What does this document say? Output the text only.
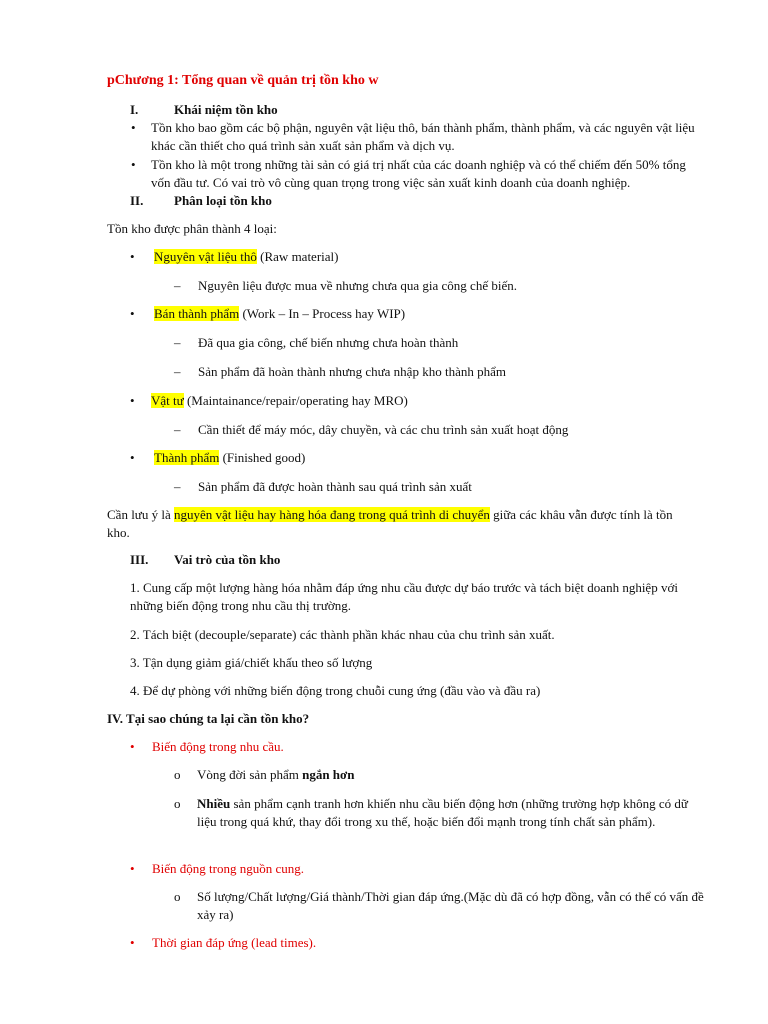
pChương 1: Tổng quan về quản trị tồn kho w
I.	Khái niệm tồn kho
• Tồn kho bao gồm các bộ phận, nguyên vật liệu thô, bán thành phẩm, thành phẩm, và các nguyên vật liệu khác cần thiết cho quá trình sản xuất sản phẩm và dịch vụ.
• Tồn kho là một trong những tài sản có giá trị nhất của các doanh nghiệp và có thể chiếm đến 50% tổng vốn đầu tư. Có vai trò vô cùng quan trọng trong việc sản xuất kinh doanh của doanh nghiệp.
II. Phân loại tồn kho
Tồn kho được phân thành 4 loại:
• Nguyên vật liệu thô (Raw material)
– Nguyên liệu được mua về nhưng chưa qua gia công chế biến.
• Bán thành phẩm (Work – In – Process hay WIP)
– Đã qua gia công, chế biến nhưng chưa hoàn thành
– Sản phẩm đã hoàn thành nhưng chưa nhập kho thành phẩm
• Vật tư (Maintainance/repair/operating hay MRO)
– Cần thiết để máy móc, dây chuyền, và các chu trình sản xuất hoạt động
• Thành phẩm (Finished good)
– Sản phẩm đã được hoàn thành sau quá trình sản xuất
Cần lưu ý là nguyên vật liệu hay hàng hóa đang trong quá trình di chuyển giữa các khâu vẫn được tính là tồn kho.
III. Vai trò của tồn kho
1. Cung cấp một lượng hàng hóa nhằm đáp ứng nhu cầu được dự báo trước và tách biệt doanh nghiệp với những biến động trong nhu cầu thị trường.
2. Tách biệt (decouple/separate) các thành phần khác nhau của chu trình sản xuất.
3. Tận dụng giảm giá/chiết khấu theo số lượng
4. Để dự phòng với những biến động trong chuỗi cung ứng (đầu vào và đầu ra)
IV. Tại sao chúng ta lại cần tồn kho?
• Biến động trong nhu cầu.
o Vòng đời sản phẩm ngắn hơn
o Nhiều sản phẩm cạnh tranh hơn khiến nhu cầu biến động hơn (những trường hợp không có dữ liệu trong quá khứ, thay đổi trong xu thế, hoặc biến đổi mạnh trong tính chất sản phẩm).
• Biến động trong nguồn cung.
o Số lượng/Chất lượng/Giá thành/Thời gian đáp ứng.(Mặc dù đã có hợp đồng, vẫn có thể có vấn đề xảy ra)
• Thời gian đáp ứng (lead times).
